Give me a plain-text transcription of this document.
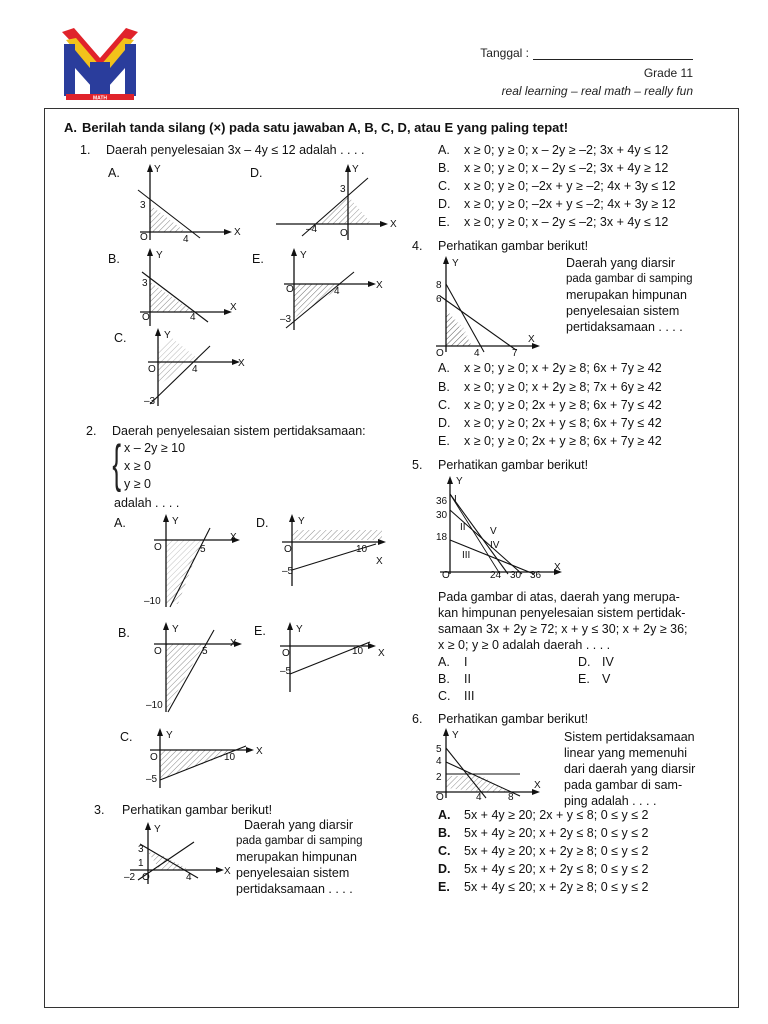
MATH
Tanggal :
Grade 11
real learning – real math – really fun
A. Berilah tanda silang (×) pada satu jawaban A, B, C, D, atau E yang paling tepat!
1. Daerah penyelesaian 3x – 4y ≤ 12 adalah . . . .
A.	Y
X
O
3
4
D.	Y
X
O
3
–4
B.	Y
X
O
3
4
E.	Y
X
O
–3
4
C.	Y
X
O
–3
4
A. x ≥ 0; y ≥ 0; x – 2y ≥ –2; 3x + 4y ≤ 12
B. x ≥ 0; y ≥ 0; x – 2y ≤ –2; 3x + 4y ≥ 12
C. x ≥ 0; y ≥ 0; –2x + y ≥ –2; 4x + 3y ≤ 12
D. x ≥ 0; y ≥ 0; –2x + y ≤ –2; 4x + 3y ≥ 12
E. x ≥ 0; y ≥ 0; x – 2y ≤ –2; 3x + 4y ≤ 12
4. Perhatikan gambar berikut!
Y
X
O
8
6
4	7
Daerah yang diarsir
pada gambar di samping
merupakan himpunan
penyelesaian sistem
pertidaksamaan . . . .
A. x ≥ 0; y ≥ 0; x + 2y ≥ 8; 6x + 7y ≥ 42
B. x ≥ 0; y ≥ 0; x + 2y ≥ 8; 7x + 6y ≥ 42
C. x ≥ 0; y ≥ 0; 2x + y ≥ 8; 6x + 7y ≤ 42
D. x ≥ 0; y ≥ 0; 2x + y ≤ 8; 6x + 7y ≤ 42
E. x ≥ 0; y ≥ 0; 2x + y ≥ 8; 6x + 7y ≥ 42
2. Daerah penyelesaian sistem pertidaksamaan:
{ x – 2y ≥ 10
x ≥ 0
y ≥ 0
adalah . . . .
A.	Y
X
O
–10
5
D.	Y
X
O
–5
10
B.	Y
X
O
–10
5
E.	Y
X
O
–5
10
C.	Y
X
O
–5
10
5. Perhatikan gambar berikut!
Y
X
O
36
30
18
24 30 36
I
II
III
IV
V
Pada gambar di atas, daerah yang merupa-
kan himpunan penyelesaian sistem pertidak-
samaan 3x + 2y ≥ 72; x + y ≤ 30; x + 2y ≥ 36;
x ≥ 0; y ≥ 0 adalah daerah . . . .
A. I	D. IV
B. II	E. V
C. III
6. Perhatikan gambar berikut!
Y
X
O
5
4
2
4	8
Sistem pertidaksamaan
linear yang memenuhi
dari daerah yang diarsir
pada gambar di sam-
ping adalah . . . .
A. 5x + 4y ≥ 20; 2x + y ≤ 8; 0 ≤ y ≤ 2
B. 5x + 4y ≥ 20; x + 2y ≤ 8; 0 ≤ y ≤ 2
C. 5x + 4y ≥ 20; x + 2y ≥ 8; 0 ≤ y ≤ 2
D. 5x + 4y ≤ 20; x + 2y ≤ 8; 0 ≤ y ≤ 2
E. 5x + 4y ≤ 20; x + 2y ≥ 8; 0 ≤ y ≤ 2
3. Perhatikan gambar berikut!
Y
X
O
3
1
–2	4
Daerah yang diarsir
pada gambar di samping
merupakan himpunan
penyelesaian sistem
pertidaksamaan . . . .
